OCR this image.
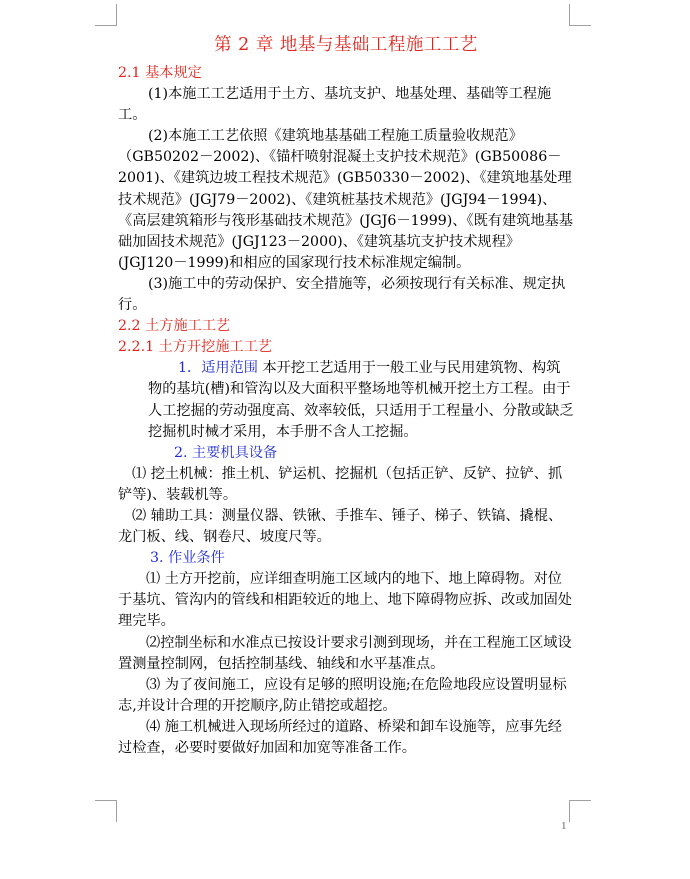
第 2 章 地基与基础工程施工工艺

2.1 基本规定

(1)本施工工艺适用于土方、基坑支护、地基处理、基础等工程施工。

(2)本施工工艺依照《建筑地基基础工程施工质量验收规范》（GB50202－2002)、《锚杆喷射混凝土支护技术规范》(GB50086－2001)、《建筑边坡工程技术规范》(GB50330－2002)、《建筑地基处理技术规范》(JGJ79－2002)、《建筑桩基技术规范》(JGJ94－1994)、《高层建筑箱形与筏形基础技术规范》(JGJ6－1999)、《既有建筑地基基础加固技术规范》(JGJ123－2000)、《建筑基坑支护技术规程》(JGJ120－1999)和相应的国家现行技术标准规定编制。

(3)施工中的劳动保护、安全措施等，必须按现行有关标准、规定执行。

2.2 土方施工工艺

2.2.1 土方开挖施工工艺

1．适用范围 本开挖工艺适用于一般工业与民用建筑物、构筑物的基坑(槽)和管沟以及大面积平整场地等机械开挖土方工程。由于人工挖掘的劳动强度高、效率较低，只适用于工程量小、分散或缺乏挖掘机时械才采用，本手册不含人工挖掘。

2. 主要机具设备

⑴ 挖土机械：推土机、铲运机、挖掘机（包括正铲、反铲、拉铲、抓铲等)、装载机等。

⑵ 辅助工具：测量仪器、铁锹、手推车、锤子、梯子、铁镐、撬棍、龙门板、线、钢卷尺、坡度尺等。

3. 作业条件

⑴ 土方开挖前，应详细查明施工区域内的地下、地上障碍物。对位于基坑、管沟内的管线和相距较近的地上、地下障碍物应拆、改或加固处理完毕。

⑵控制坐标和水准点已按设计要求引测到现场，并在工程施工区域设置测量控制网，包括控制基线、轴线和水平基准点。

⑶ 为了夜间施工，应设有足够的照明设施;在危险地段应设置明显标志,并设计合理的开挖顺序,防止错挖或超挖。

⑷ 施工机械进入现场所经过的道路、桥梁和卸车设施等，应事先经过检查，必要时要做好加固和加宽等准备工作。

1
